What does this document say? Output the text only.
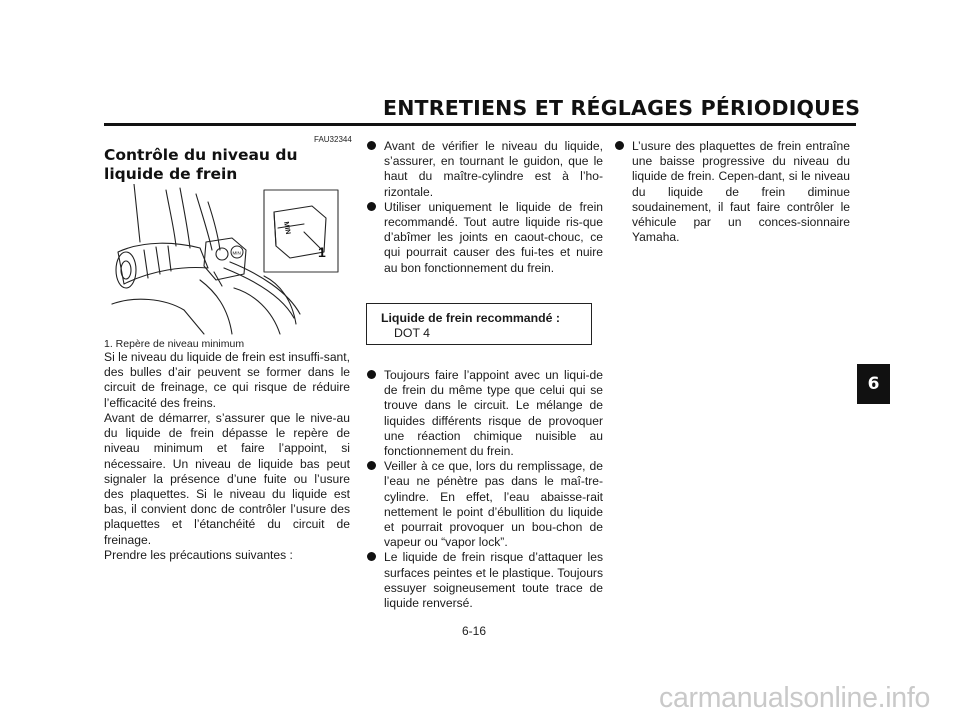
ENTRETIENS ET RÉGLAGES PÉRIODIQUES
6
FAU32344
Contrôle du niveau du liquide de frein
MIN
MIN
1
1. Repère de niveau minimum
Si le niveau du liquide de frein est insuffi-sant, des bulles d’air peuvent se former dans le circuit de freinage, ce qui risque de réduire l’efficacité des freins.
Avant de démarrer, s’assurer que le nive-au du liquide de frein dépasse le repère de niveau minimum et faire l’appoint, si nécessaire. Un niveau de liquide bas peut signaler la présence d’une fuite ou l’usure des plaquettes. Si le niveau du liquide est bas, il convient donc de contrôler l’usure des plaquettes et l’étanchéité du circuit de freinage.
Prendre les précautions suivantes :
Avant de vérifier le niveau du liquide, s’assurer, en tournant le guidon, que le haut du maître-cylindre est à l’ho-rizontale.
Utiliser uniquement le liquide de frein recommandé. Tout autre liquide ris-que d’abîmer les joints en caout-chouc, ce qui pourrait causer des fui-tes et nuire au bon fonctionnement du frein.
Liquide de frein recommandé :
DOT 4
Toujours faire l’appoint avec un liqui-de de frein du même type que celui qui se trouve dans le circuit. Le mélange de liquides différents risque de provoquer une réaction chimique nuisible au fonctionnement du frein.
Veiller à ce que, lors du remplissage, de l’eau ne pénètre pas dans le maî-tre-cylindre. En effet, l’eau abaisse-rait nettement le point d’ébullition du liquide et pourrait provoquer un bou-chon de vapeur ou “vapor lock”.
Le liquide de frein risque d’attaquer les surfaces peintes et le plastique. Toujours essuyer soigneusement toute trace de liquide renversé.
L’usure des plaquettes de frein entraîne une baisse progressive du niveau du liquide de frein. Cepen-dant, si le niveau du liquide de frein diminue soudainement, il faut faire contrôler le véhicule par un conces-sionnaire Yamaha.
6-16
carmanualsonline.info
